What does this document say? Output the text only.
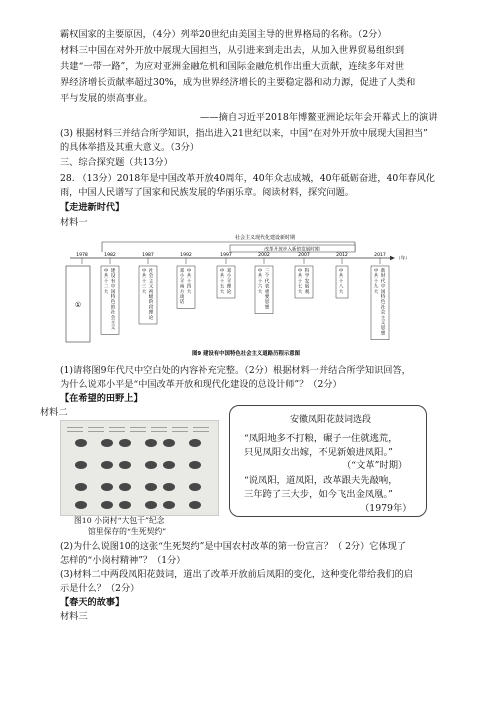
霸权国家的主要原因，（4分）列举20世纪由美国主导的世界格局的名称。（2分）
材料三中国在对外开放中展现大国担当，从引进来到走出去，从加入世界贸易组织到
共建“一带一路”，为应对亚洲金融危机和国际金融危机作出重大贡献，连续多年对世
界经济增长贡献率超过30%，成为世界经济增长的主要稳定器和动力源，促进了人类和
平与发展的崇高事业。
——摘自习近平2018年博鳌亚洲论坛年会开幕式上的演讲
(3) 根据材料三并结合所学知识，指出进入21世纪以来，中国“在对外开放中展现大国担当”
的具体举措及其重大意义。（3分）
三、综合探究题（共13分）
28. （13分）2018年是中国改革开放40周年，40年众志成城，40年砥砺奋进，40年春风化
雨，中国人民谱写了国家和民族发展的华丽乐章。阅读材料，探究问题。
【走进新时代】
材料一
社会主义现代化建设新时期
改革开放步入新的发展时期
（年）
1978	1982	1987	1992	1997	2002	2007	2012	2017
①
中
共
十
二
大
建
设
有
中
国
特
色
的
社
会
主
义
中
共
十
三
大
社
会
主
义
初
级
阶
段
理
论
邓
小
平
南
方
谈
话
中
共
十
四
大
中
共
十
五
大
邓
小
平
理
论
中
共
十
六
大
三
个
代
表
重
要
思
想
中
共
十
七
大
科
学
发
展
观
中
共
十
八
大
中
共
十
九
大
新
时
代
中
国
特
色
社
会
主
义
思
想
图9 建设有中国特色社会主义道路历程示意图
(1)请将图9年代尺中空白处的内容补充完整。（2分）根据材料一并结合所学知识回答，
为什么说邓小平是“中国改革开放和现代化建设的总设计师”？（2分）
【在希望的田野上】
材料二
图10 小岗村“大包干”纪念
馆里保存的“生死契约”
安徽凤阳花鼓词选段
“凤阳地多不打粮，碾子一住就逃荒，
只见凤阳女出嫁，不见新娘进凤阳。”
（“文革”时期）
“说凤阳，道凤阳，改革跟夫先敲响，
三年跨了三大步，如今飞出金凤凰。”
（1979年）
(2)为什么说图10的这张“生死契约”是中国农村改革的第一份宣言？（ 2分）它体现了
怎样的“小岗村精神”？（1分）
(3)材料二中两段凤阳花鼓词，道出了改革开放前后凤阳的变化，这种变化带给我们的启
示是什么？（2分）
【春天的故事】
材料三
